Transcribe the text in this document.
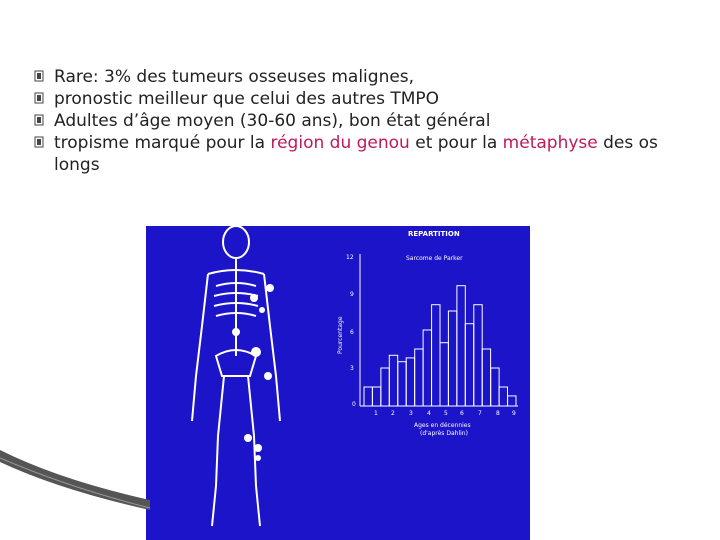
Rare: 3% des tumeurs osseuses malignes,
pronostic meilleur que celui des autres TMPO
Adultes d’âge moyen (30-60 ans), bon état général
tropisme marqué pour la région du genou et pour la métaphyse des os longs
REPARTITION
Sarcome de Parker
Pourcentage
12
9
6
3
0
1 2 3 4 5 6 7 8 9
Ages en décennies
(d'après Dahlin)
